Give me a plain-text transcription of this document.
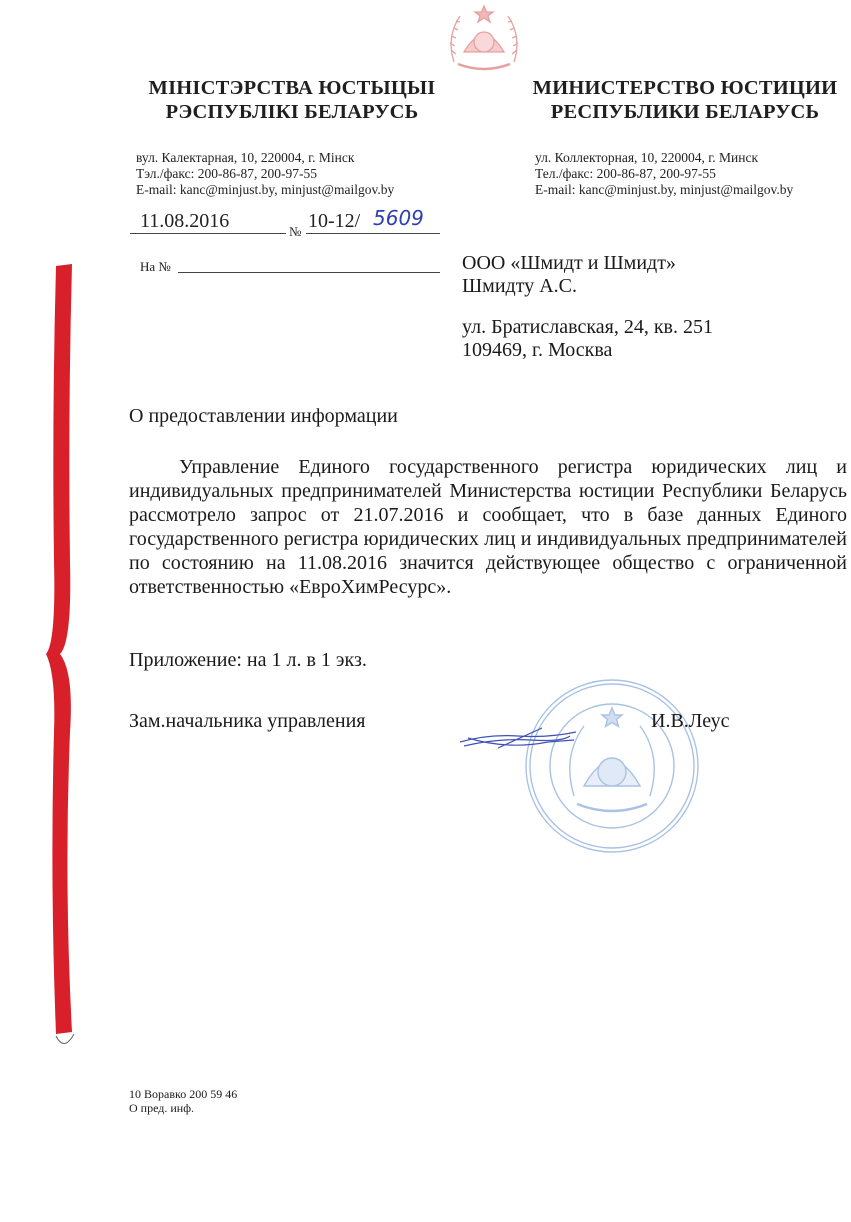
МІНІСТЭРСТВА ЮСТЫЦЫІ
РЭСПУБЛІКІ БЕЛАРУСЬ
МИНИСТЕРСТВО ЮСТИЦИИ
РЕСПУБЛИКИ БЕЛАРУСЬ
вул. Калектарная, 10, 220004, г. Мінск
Тэл./факс: 200-86-87, 200-97-55
E-mail: kanc@minjust.by, minjust@mailgov.by
ул. Коллекторная, 10, 220004, г. Минск
Тел./факс: 200-86-87, 200-97-55
E-mail: kanc@minjust.by, minjust@mailgov.by
11.08.2016	№ 10-12/ 5609
На №	ООО «Шмидт и Шмидт»
Шмидту А.С.
ул. Братиславская, 24, кв. 251
109469, г. Москва
О предоставлении информации
Управление Единого государственного регистра юридических лиц и индивидуальных предпринимателей Министерства юстиции Республики Беларусь рассмотрело запрос от 21.07.2016 и сообщает, что в базе данных Единого государственного регистра юридических лиц и индивидуальных предпринимателей по состоянию на 11.08.2016 значится действующее общество с ограниченной ответственностью «ЕвроХимРесурс».
Приложение: на 1 л. в 1 экз.
Зам.начальника управления	И.В.Леус
10 Воравко 200 59 46
О пред. инф.
